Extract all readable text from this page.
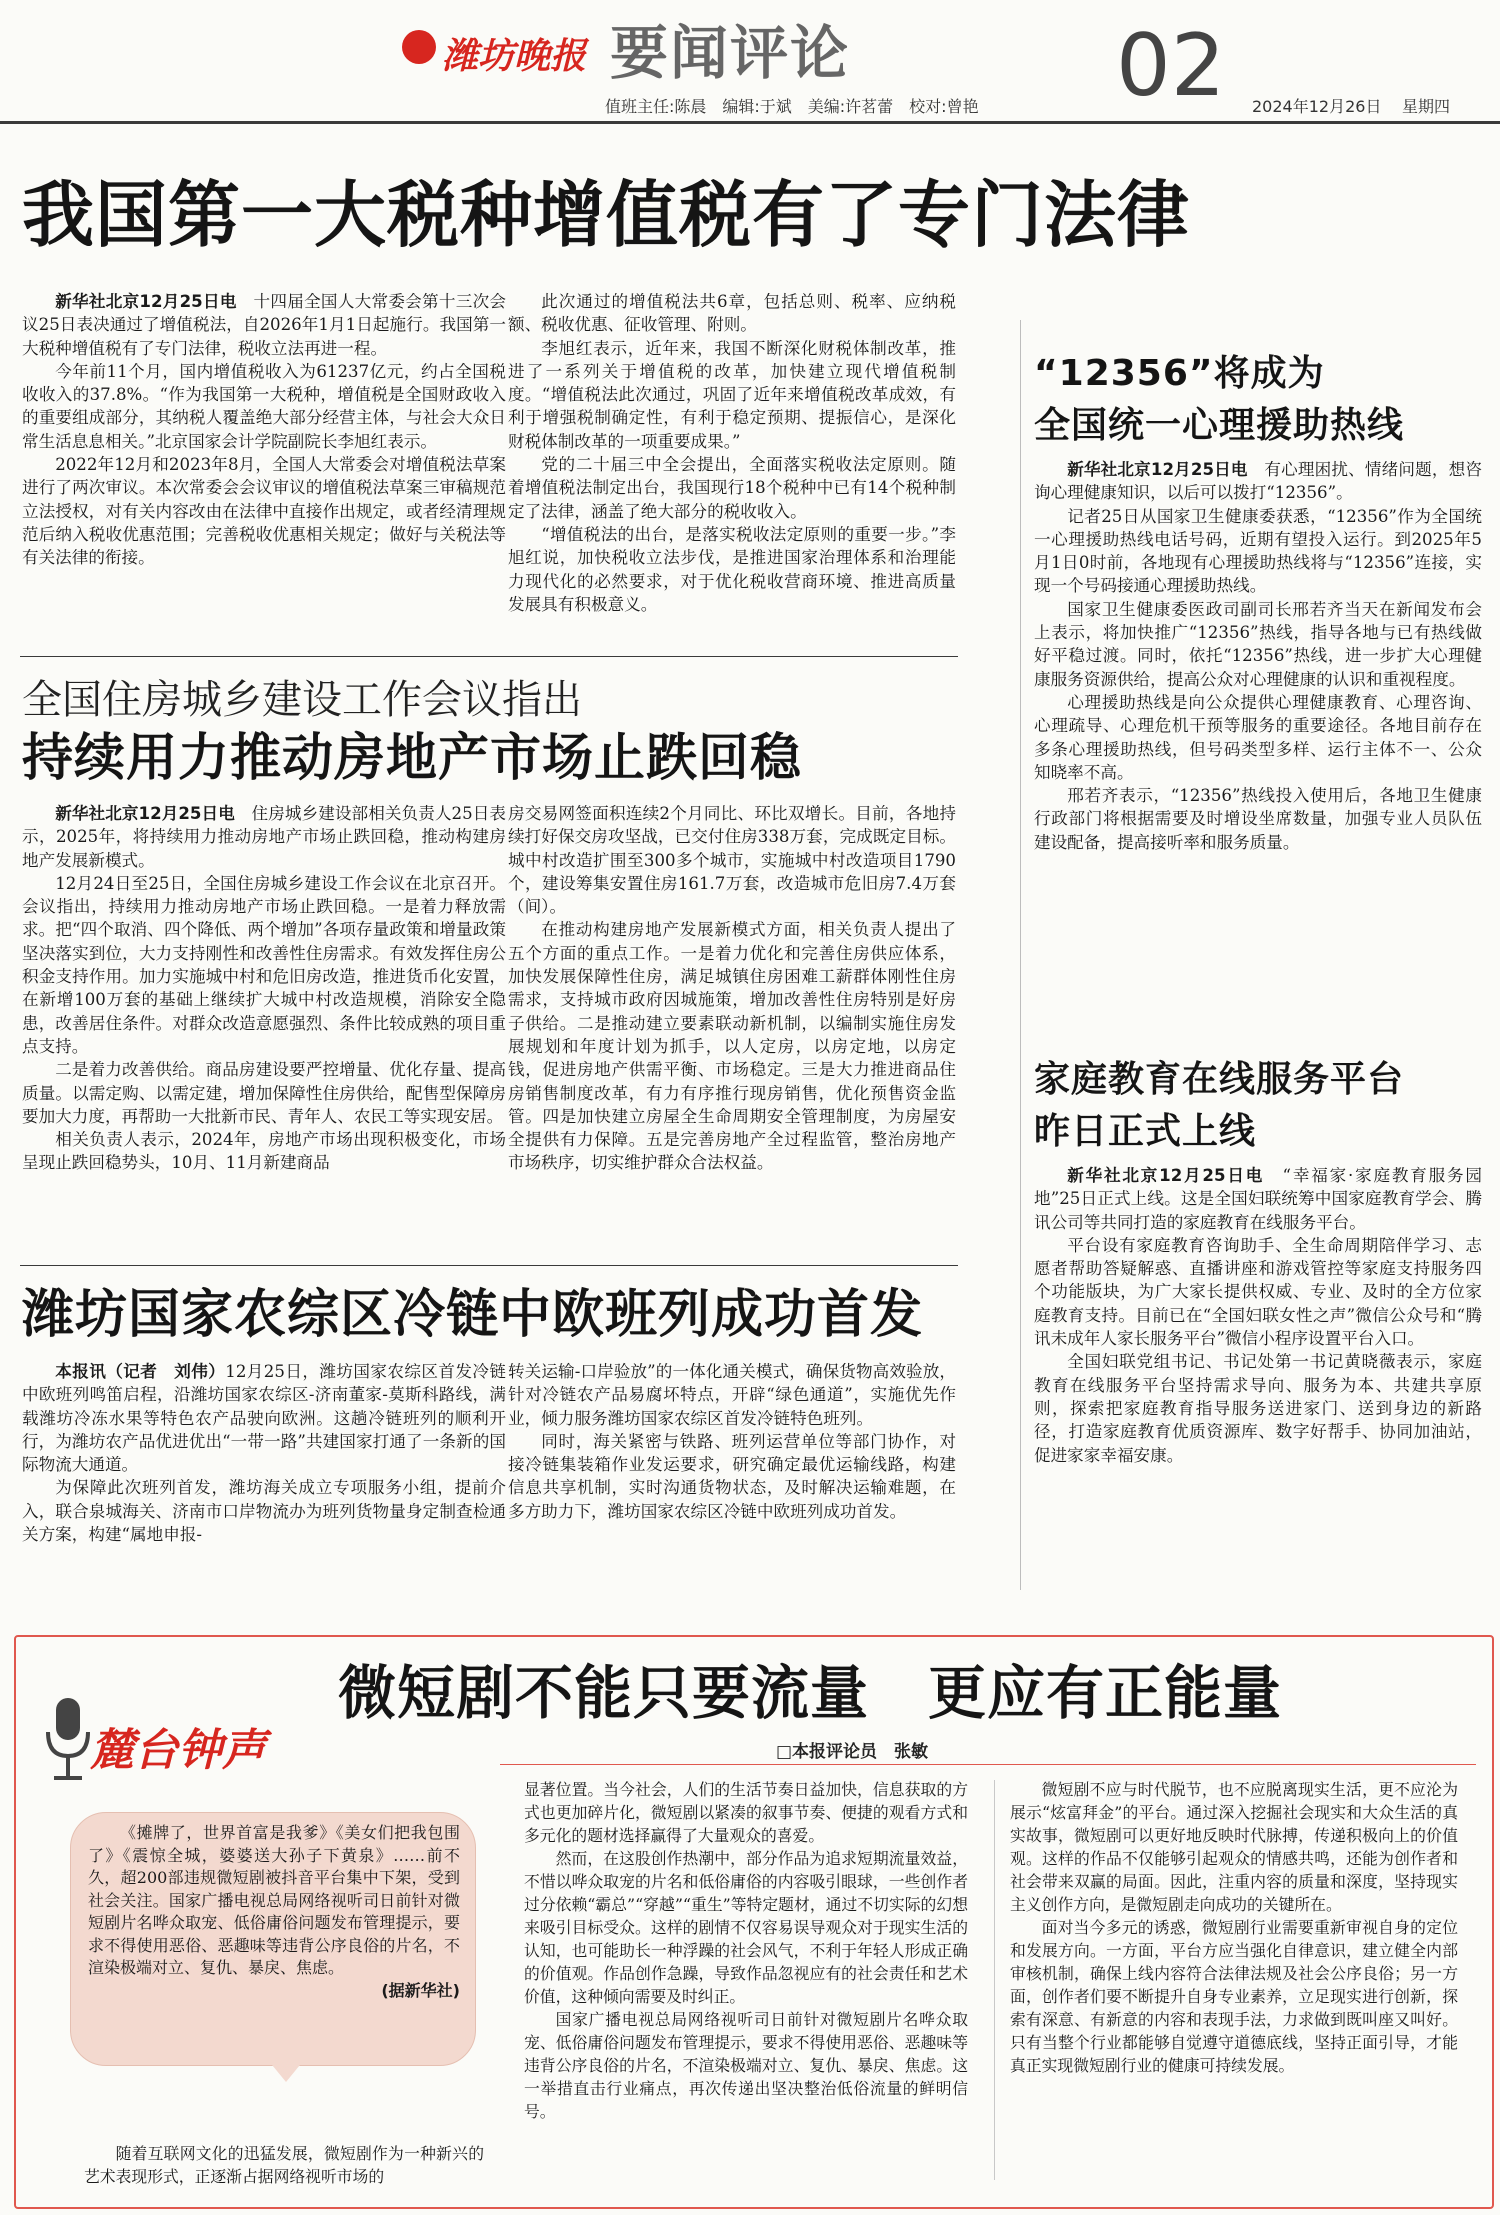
潍坊晚报 要闻评论	02
值班主任:陈晨　编辑:于斌　美编:许茗蕾　校对:曾艳	2024年12月26日 星期四
我国第一大税种增值税有了专门法律

新华社北京12月25日电　 十四届全国人大常委会第十三次会议25日表决通过了增值税法，自2026年1月1日起施行。我国第一大税种增值税有了专门法律，税收立法再进一程。

今年前11个月，国内增值税收入为61237亿元，约占全国税收收入的37.8%。“作为我国第一大税种，增值税是全国财政收入的重要组成部分，其纳税人覆盖绝大部分经营主体，与社会大众日常生活息息相关。”北京国家会计学院副院长李旭红表示。

2022年12月和2023年8月，全国人大常委会对增值税法草案进行了两次审议。本次常委会会议审议的增值税法草案三审稿规范立法授权，对有关内容改由在法律中直接作出规定，或者经清理规范后纳入税收优惠范围；完善税收优惠相关规定；做好与关税法等有关法律的衔接。

此次通过的增值税法共6章，包括总则、税率、应纳税额、税收优惠、征收管理、附则。

李旭红表示，近年来，我国不断深化财税体制改革，推进了一系列关于增值税的改革，加快建立现代增值税制度。“增值税法此次通过，巩固了近年来增值税改革成效，有利于增强税制确定性，有利于稳定预期、提振信心，是深化财税体制改革的一项重要成果。”

党的二十届三中全会提出，全面落实税收法定原则。随着增值税法制定出台，我国现行18个税种中已有14个税种制定了法律，涵盖了绝大部分的税收收入。

“增值税法的出台，是落实税收法定原则的重要一步。”李旭红说，加快税收立法步伐，是推进国家治理体系和治理能力现代化的必然要求，对于优化税收营商环境、推进高质量发展具有积极意义。

全国住房城乡建设工作会议指出
持续用力推动房地产市场止跌回稳

新华社北京12月25日电　 住房城乡建设部相关负责人25日表示，2025年，将持续用力推动房地产市场止跌回稳，推动构建房地产发展新模式。

12月24日至25日，全国住房城乡建设工作会议在北京召开。会议指出，持续用力推动房地产市场止跌回稳。一是着力释放需求。把“四个取消、四个降低、两个增加”各项存量政策和增量政策坚决落实到位，大力支持刚性和改善性住房需求。有效发挥住房公积金支持作用。加力实施城中村和危旧房改造，推进货币化安置，在新增100万套的基础上继续扩大城中村改造规模，消除安全隐患，改善居住条件。对群众改造意愿强烈、条件比较成熟的项目重点支持。

二是着力改善供给。商品房建设要严控增量、优化存量、提高质量。以需定购、以需定建，增加保障性住房供给，配售型保障房要加大力度，再帮助一大批新市民、青年人、农民工等实现安居。

相关负责人表示，2024年，房地产市场出现积极变化，市场呈现止跌回稳势头，10月、11月新建商品

房交易网签面积连续2个月同比、环比双增长。目前，各地持续打好保交房攻坚战，已交付住房338万套，完成既定目标。城中村改造扩围至300多个城市，实施城中村改造项目1790个，建设筹集安置住房161.7万套，改造城市危旧房7.4万套（间）。

在推动构建房地产发展新模式方面，相关负责人提出了五个方面的重点工作。一是着力优化和完善住房供应体系，加快发展保障性住房，满足城镇住房困难工薪群体刚性住房需求，支持城市政府因城施策，增加改善性住房特别是好房子供给。二是推动建立要素联动新机制，以编制实施住房发展规划和年度计划为抓手，以人定房，以房定地，以房定钱，促进房地产供需平衡、市场稳定。三是大力推进商品住房销售制度改革，有力有序推行现房销售，优化预售资金监管。四是加快建立房屋全生命周期安全管理制度，为房屋安全提供有力保障。五是完善房地产全过程监管，整治房地产市场秩序，切实维护群众合法权益。

潍坊国家农综区冷链中欧班列成功首发

本报讯（记者　刘伟）12月25日，潍坊国家农综区首发冷链中欧班列鸣笛启程，沿潍坊国家农综区-济南董家-莫斯科路线，满载潍坊冷冻水果等特色农产品驶向欧洲。这趟冷链班列的顺利开行，为潍坊农产品优进优出“一带一路”共建国家打通了一条新的国际物流大通道。

为保障此次班列首发，潍坊海关成立专项服务小组，提前介入，联合泉城海关、济南市口岸物流办为班列货物量身定制查检通关方案，构建“属地申报-

转关运输-口岸验放”的一体化通关模式，确保货物高效验放，针对冷链农产品易腐坏特点，开辟“绿色通道”，实施优先作业，倾力服务潍坊国家农综区首发冷链特色班列。

同时，海关紧密与铁路、班列运营单位等部门协作，对接冷链集装箱作业发运要求，研究确定最优运输线路，构建信息共享机制，实时沟通货物状态，及时解决运输难题，在多方助力下，潍坊国家农综区冷链中欧班列成功首发。

“12356”将成为
全国统一心理援助热线

新华社北京12月25日电　 有心理困扰、情绪问题，想咨询心理健康知识，以后可以拨打“12356”。

记者25日从国家卫生健康委获悉，“12356”作为全国统一心理援助热线电话号码，近期有望投入运行。到2025年5月1日0时前，各地现有心理援助热线将与“12356”连接，实现一个号码接通心理援助热线。

国家卫生健康委医政司副司长邢若齐当天在新闻发布会上表示，将加快推广“12356”热线，指导各地与已有热线做好平稳过渡。同时，依托“12356”热线，进一步扩大心理健康服务资源供给，提高公众对心理健康的认识和重视程度。

心理援助热线是向公众提供心理健康教育、心理咨询、心理疏导、心理危机干预等服务的重要途径。各地目前存在多条心理援助热线，但号码类型多样、运行主体不一、公众知晓率不高。

邢若齐表示，“12356”热线投入使用后，各地卫生健康行政部门将根据需要及时增设坐席数量，加强专业人员队伍建设配备，提高接听率和服务质量。

家庭教育在线服务平台
昨日正式上线

新华社北京12月25日电　 “幸福家·家庭教育服务园地”25日正式上线。这是全国妇联统筹中国家庭教育学会、腾讯公司等共同打造的家庭教育在线服务平台。

平台设有家庭教育咨询助手、全生命周期陪伴学习、志愿者帮助答疑解惑、直播讲座和游戏管控等家庭支持服务四个功能版块，为广大家长提供权威、专业、及时的全方位家庭教育支持。目前已在“全国妇联女性之声”微信公众号和“腾讯未成年人家长服务平台”微信小程序设置平台入口。

全国妇联党组书记、书记处第一书记黄晓薇表示，家庭教育在线服务平台坚持需求导向、服务为本、共建共享原则，探索把家庭教育指导服务送进家门、送到身边的新路径，打造家庭教育优质资源库、数字好帮手、协同加油站，促进家家幸福安康。

麓台钟声
微短剧不能只要流量　更应有正能量
□本报评论员　张敏

《摊牌了，世界首富是我爹》《美女们把我包围了》《震惊全城，婆婆送大孙子下黄泉》……前不久，超200部违规微短剧被抖音平台集中下架，受到社会关注。国家广播电视总局网络视听司日前针对微短剧片名哗众取宠、低俗庸俗问题发布管理提示，要求不得使用恶俗、恶趣味等违背公序良俗的片名，不渲染极端对立、复仇、暴戾、焦虑。

(据新华社)

随着互联网文化的迅猛发展，微短剧作为一种新兴的艺术表现形式，正逐渐占据网络视听市场的

显著位置。当今社会，人们的生活节奏日益加快，信息获取的方式也更加碎片化，微短剧以紧凑的叙事节奏、便捷的观看方式和多元化的题材选择赢得了大量观众的喜爱。

然而，在这股创作热潮中，部分作品为追求短期流量效益，不惜以哗众取宠的片名和低俗庸俗的内容吸引眼球，一些创作者过分依赖“霸总”“穿越”“重生”等特定题材，通过不切实际的幻想来吸引目标受众。这样的剧情不仅容易误导观众对于现实生活的认知，也可能助长一种浮躁的社会风气，不利于年轻人形成正确的价值观。作品创作急躁，导致作品忽视应有的社会责任和艺术价值，这种倾向需要及时纠正。

国家广播电视总局网络视听司日前针对微短剧片名哗众取宠、低俗庸俗问题发布管理提示，要求不得使用恶俗、恶趣味等违背公序良俗的片名，不渲染极端对立、复仇、暴戾、焦虑。这一举措直击行业痛点，再次传递出坚决整治低俗流量的鲜明信号。

微短剧不应与时代脱节，也不应脱离现实生活，更不应沦为展示“炫富拜金”的平台。通过深入挖掘社会现实和大众生活的真实故事，微短剧可以更好地反映时代脉搏，传递积极向上的价值观。这样的作品不仅能够引起观众的情感共鸣，还能为创作者和社会带来双赢的局面。因此，注重内容的质量和深度，坚持现实主义创作方向，是微短剧走向成功的关键所在。

面对当今多元的诱惑，微短剧行业需要重新审视自身的定位和发展方向。一方面，平台方应当强化自律意识，建立健全内部审核机制，确保上线内容符合法律法规及社会公序良俗；另一方面，创作者们要不断提升自身专业素养，立足现实进行创新，探索有深意、有新意的内容和表现手法，力求做到既叫座又叫好。只有当整个行业都能够自觉遵守道德底线，坚持正面引导，才能真正实现微短剧行业的健康可持续发展。
